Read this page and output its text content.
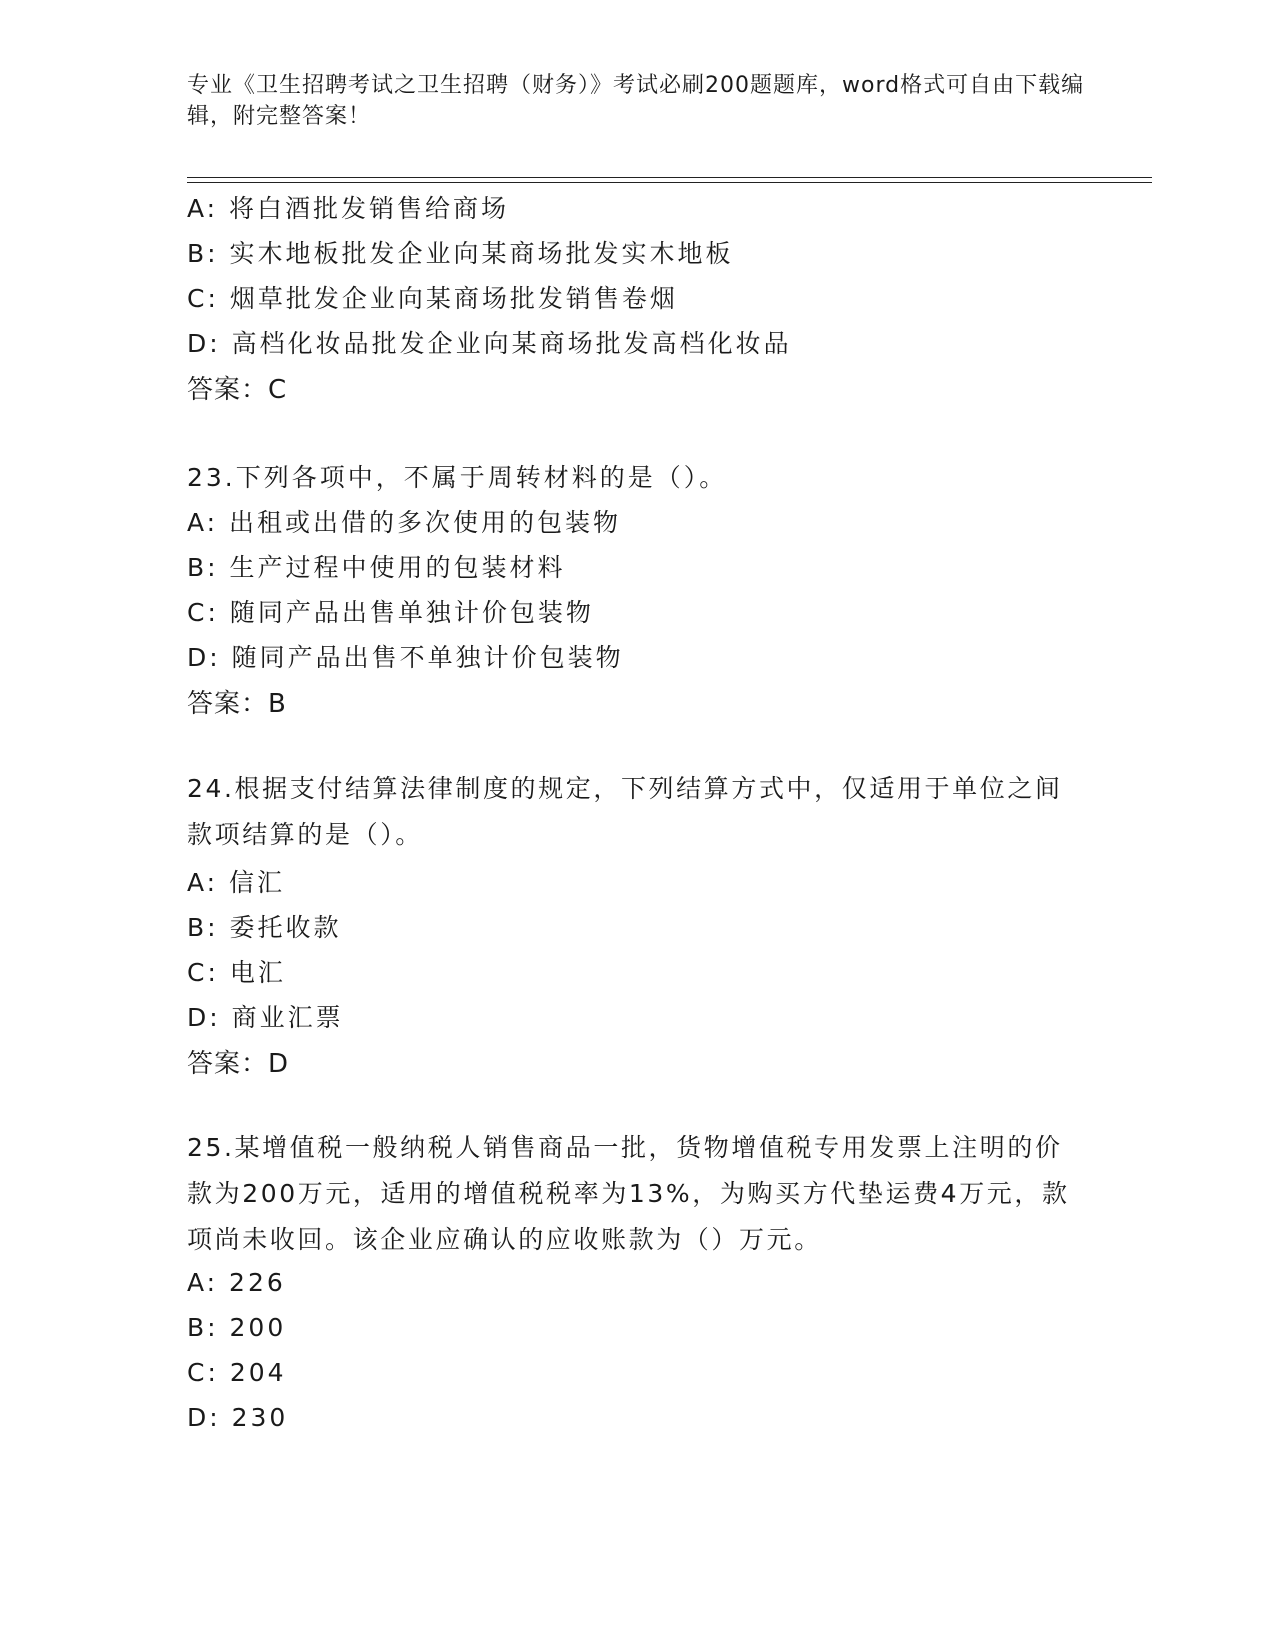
专业《卫生招聘考试之卫生招聘（财务）》考试必刷200题题库，word格式可自由下载编辑，附完整答案！
A: 将白酒批发销售给商场
B: 实木地板批发企业向某商场批发实木地板
C: 烟草批发企业向某商场批发销售卷烟
D: 高档化妆品批发企业向某商场批发高档化妆品
答案：C
23.下列各项中，不属于周转材料的是（）。
A: 出租或出借的多次使用的包装物
B: 生产过程中使用的包装材料
C: 随同产品出售单独计价包装物
D: 随同产品出售不单独计价包装物
答案：B
24.根据支付结算法律制度的规定，下列结算方式中，仅适用于单位之间款项结算的是（）。
A: 信汇
B: 委托收款
C: 电汇
D: 商业汇票
答案：D
25.某增值税一般纳税人销售商品一批，货物增值税专用发票上注明的价款为200万元，适用的增值税税率为13%，为购买方代垫运费4万元，款项尚未收回。该企业应确认的应收账款为（）万元。
A: 226
B: 200
C: 204
D: 230
